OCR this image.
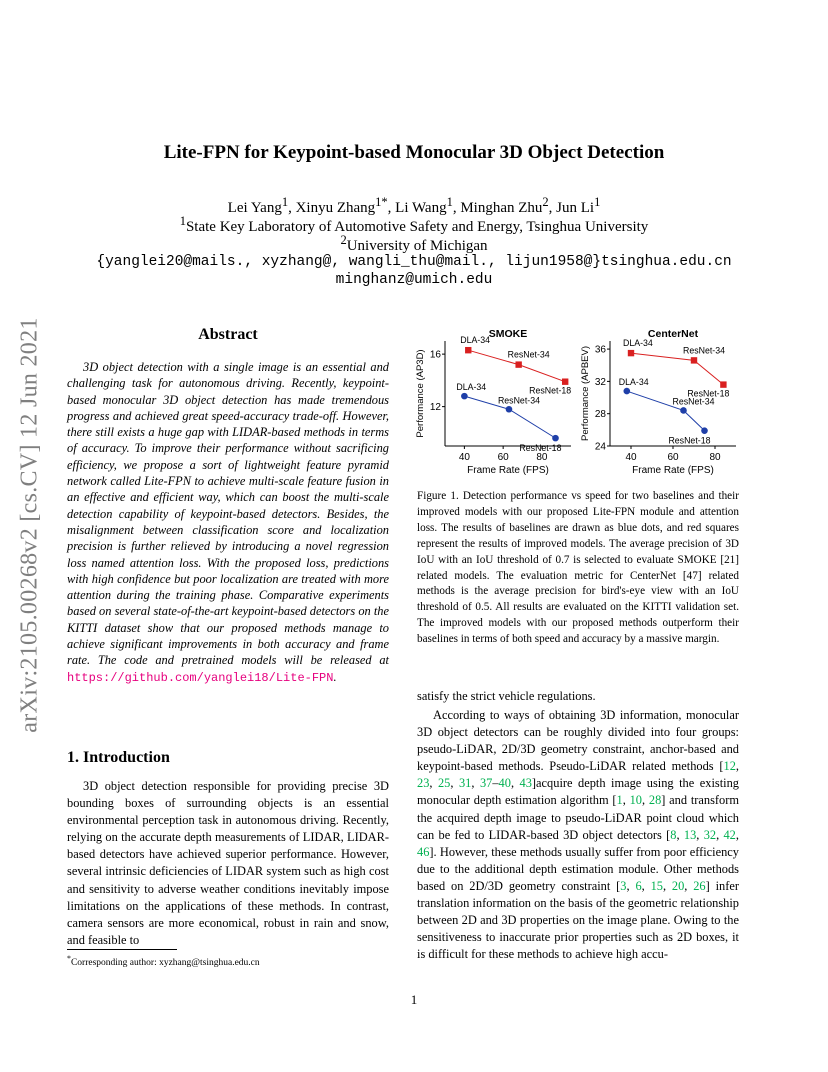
Lite-FPN for Keypoint-based Monocular 3D Object Detection
Lei Yang$^1$, Xinyu Zhang$^{1*}$, Li Wang$^1$, Minghan Zhu$^2$, Jun Li$^1$
$^1$State Key Laboratory of Automotive Safety and Energy, Tsinghua University
$^2$University of Michigan
{yanglei20@mails., xyzhang@, wangli_thu@mail., lijun1958@}tsinghua.edu.cn
minghanz@umich.edu
arXiv:2105.00268v2 [cs.CV] 12 Jun 2021	Abstract
3D object detection with a single image is an essential and challenging task for autonomous driving. Recently, keypoint-based monocular 3D object detection has made tremendous progress and achieved great speed-accuracy trade-off. However, there still exists a huge gap with LIDAR-based methods in terms of accuracy. To improve their performance without sacrificing efficiency, we propose a sort of lightweight feature pyramid network called Lite-FPN to achieve multi-scale feature fusion in an effective and efficient way, which can boost the multi-scale detection capability of keypoint-based detectors. Besides, the misalignment between classification score and localization precision is further relieved by introducing a novel regression loss named attention loss. With the proposed loss, predictions with high confidence but poor localization are treated with more attention during the training phase. Comparative experiments based on several state-of-the-art keypoint-based detectors on the KITTI dataset show that our proposed methods manage to achieve significant improvements in both accuracy and frame rate. The code and pretrained models will be released at https://github.com/yanglei18/Lite-FPN.
1. Introduction
3D object detection responsible for providing precise 3D bounding boxes of surrounding objects is an essential environmental perception task in autonomous driving. Recently, relying on the accurate depth measurements of LIDAR, LIDAR-based detectors have achieved superior performance. However, several intrinsic deficiencies of LIDAR system such as high cost and sensitivity to adverse weather conditions inevitably impose limitations on the applications of these methods. In contrast, camera sensors are more economical, robust in rain and snow, and feasible to
*Corresponding author: xyzhang@tsinghua.edu.cn
SMOKE
40	60	80
12
16
Frame Rate (FPS)
Performance (AP3D)	DLA-34
ResNet-34
ResNet-18
DLA-34
ResNet-34
ResNet-18
CenterNet
40	60	80
24
28
32
36
Frame Rate (FPS)
Performance (APBEV)	DLA-34
ResNet-34
ResNet-18
DLA-34
ResNet-34
ResNet-18
Figure 1. Detection performance vs speed for two baselines and their improved models with our proposed Lite-FPN module and attention loss. The results of baselines are drawn as blue dots, and red squares represent the results of improved models. The average precision of 3D IoU with an IoU threshold of 0.7 is selected to evaluate SMOKE [21] related models. The evaluation metric for CenterNet [47] related methods is the average precision for bird's-eye view with an IoU threshold of 0.5. All results are evaluated on the KITTI validation set. The improved models with our proposed methods outperform their baselines in terms of both speed and accuracy by a massive margin.
satisfy the strict vehicle regulations.
According to ways of obtaining 3D information, monocular 3D object detectors can be roughly divided into four groups: pseudo-LiDAR, 2D/3D geometry constraint, anchor-based and keypoint-based methods. Pseudo-LiDAR related methods [12, 23, 25, 31, 37–40, 43]acquire depth image using the existing monocular depth estimation algorithm [1, 10, 28] and transform the acquired depth image to pseudo-LiDAR point cloud which can be fed to LIDAR-based 3D object detectors [8, 13, 32, 42, 46]. However, these methods usually suffer from poor efficiency due to the additional depth estimation module. Other methods based on 2D/3D geometry constraint [3, 6, 15, 20, 26] infer translation information on the basis of the geometric relationship between 2D and 3D properties on the image plane. Owing to the sensitiveness to inaccurate prior properties such as 2D boxes, it is difficult for these methods to achieve high accu-
1
